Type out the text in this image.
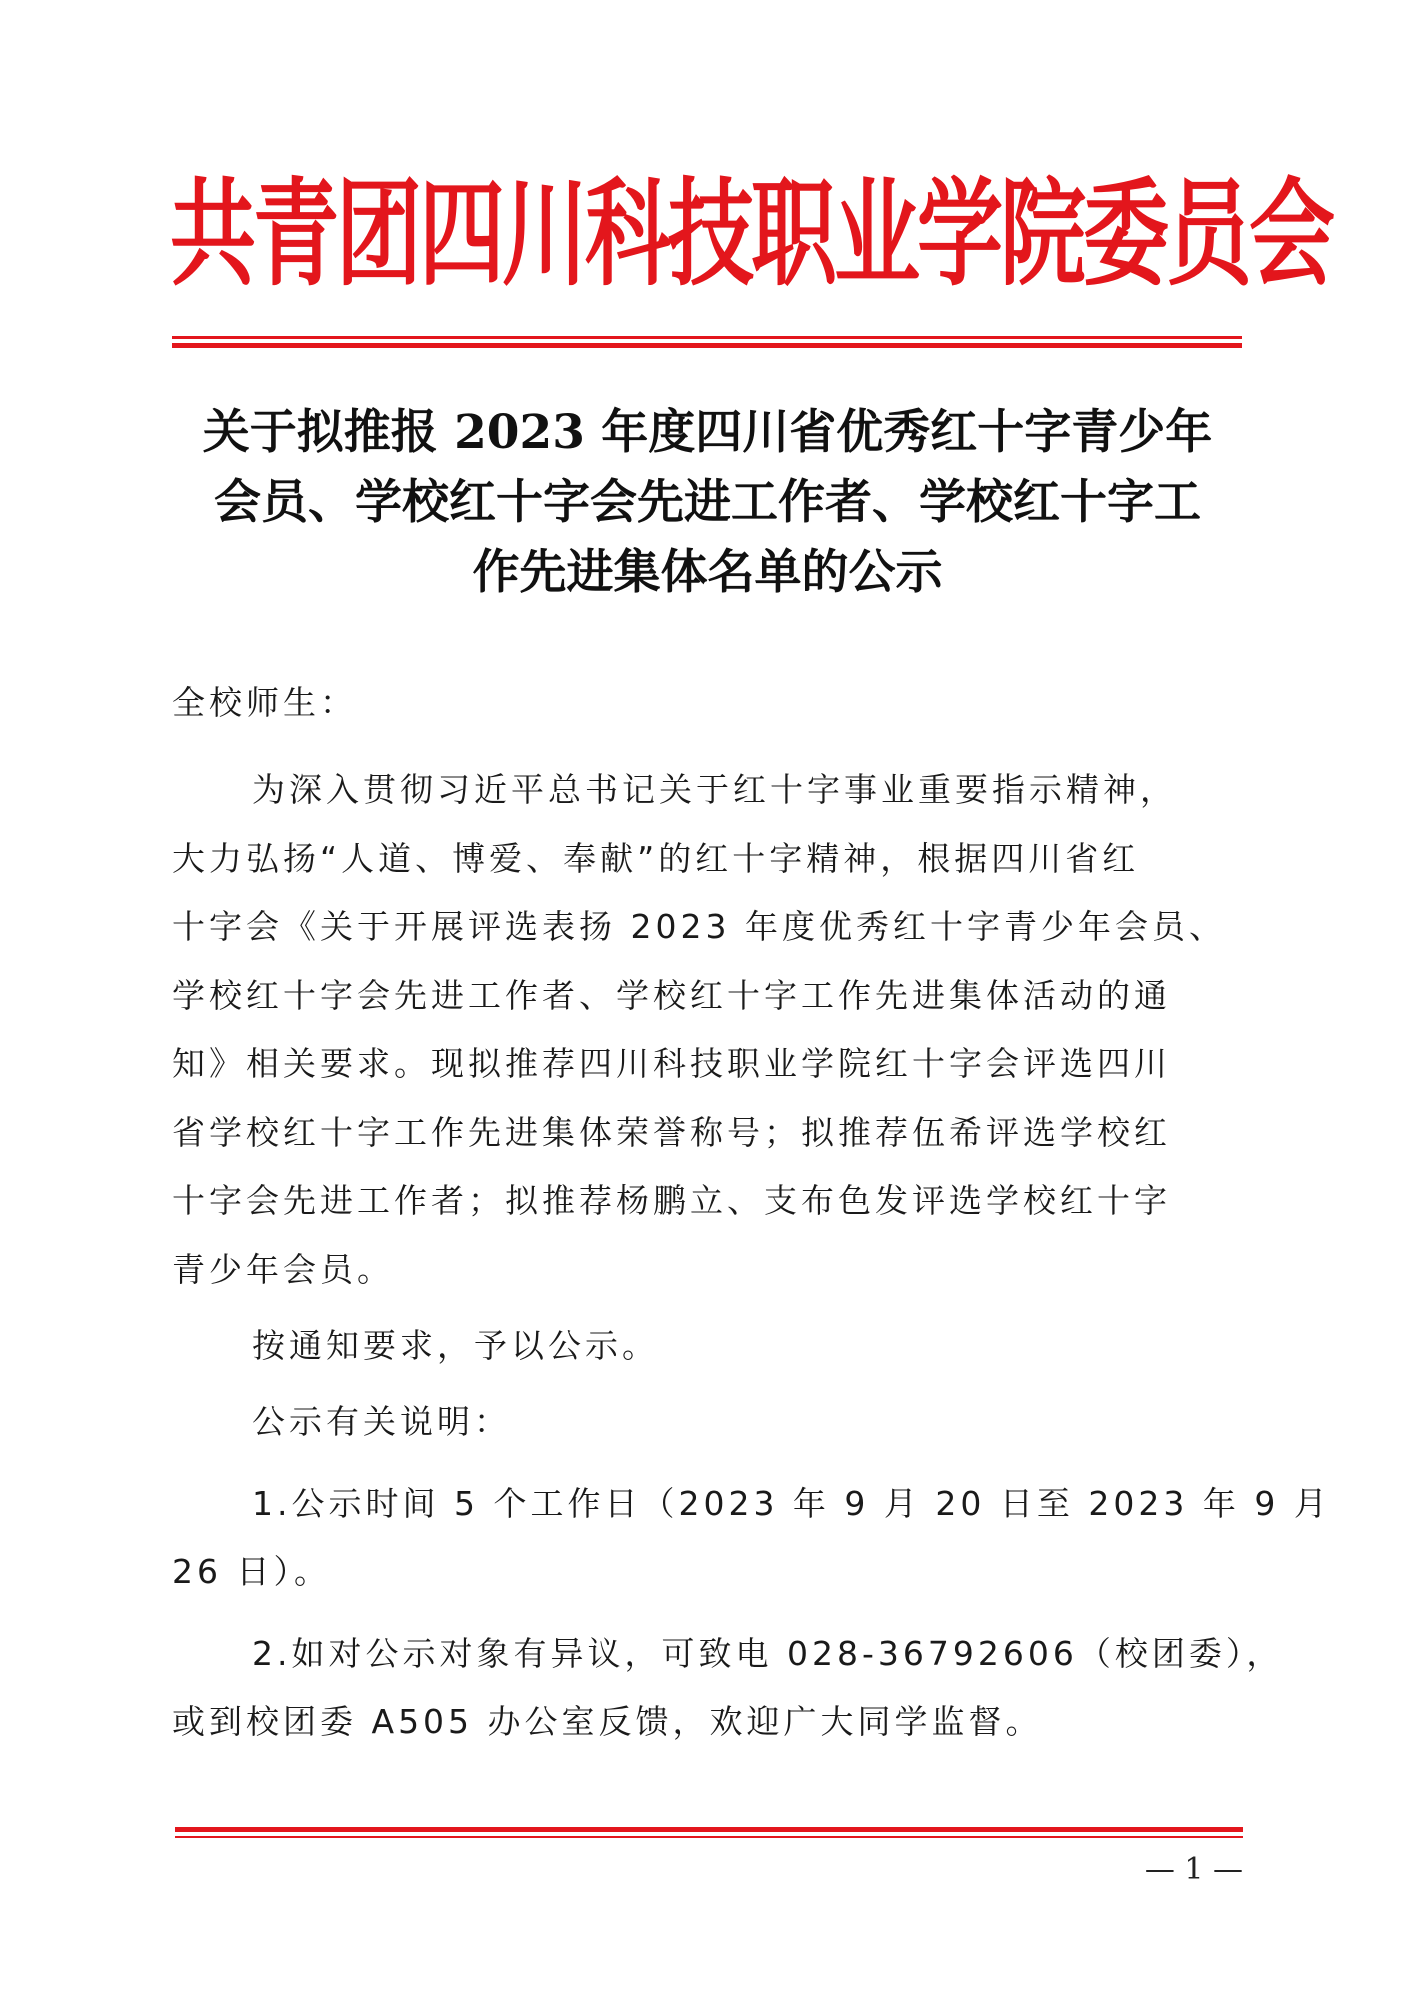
共青团四川科技职业学院委员会
关于拟推报 2023 年度四川省优秀红十字青少年
会员、学校红十字会先进工作者、学校红十字工
作先进集体名单的公示
全校师生：
为深入贯彻习近平总书记关于红十字事业重要指示精神，
大力弘扬“人道、博爱、奉献”的红十字精神，根据四川省红
十字会《关于开展评选表扬 2023 年度优秀红十字青少年会员、
学校红十字会先进工作者、学校红十字工作先进集体活动的通
知》相关要求。现拟推荐四川科技职业学院红十字会评选四川
省学校红十字工作先进集体荣誉称号；拟推荐伍希评选学校红
十字会先进工作者；拟推荐杨鹏立、支布色发评选学校红十字
青少年会员。
按通知要求，予以公示。
公示有关说明：
1.公示时间 5 个工作日（2023 年 9 月 20 日至 2023 年 9 月
26 日）。
2.如对公示对象有异议，可致电 028-36792606（校团委），
或到校团委 A505 办公室反馈，欢迎广大同学监督。
— 1 —
